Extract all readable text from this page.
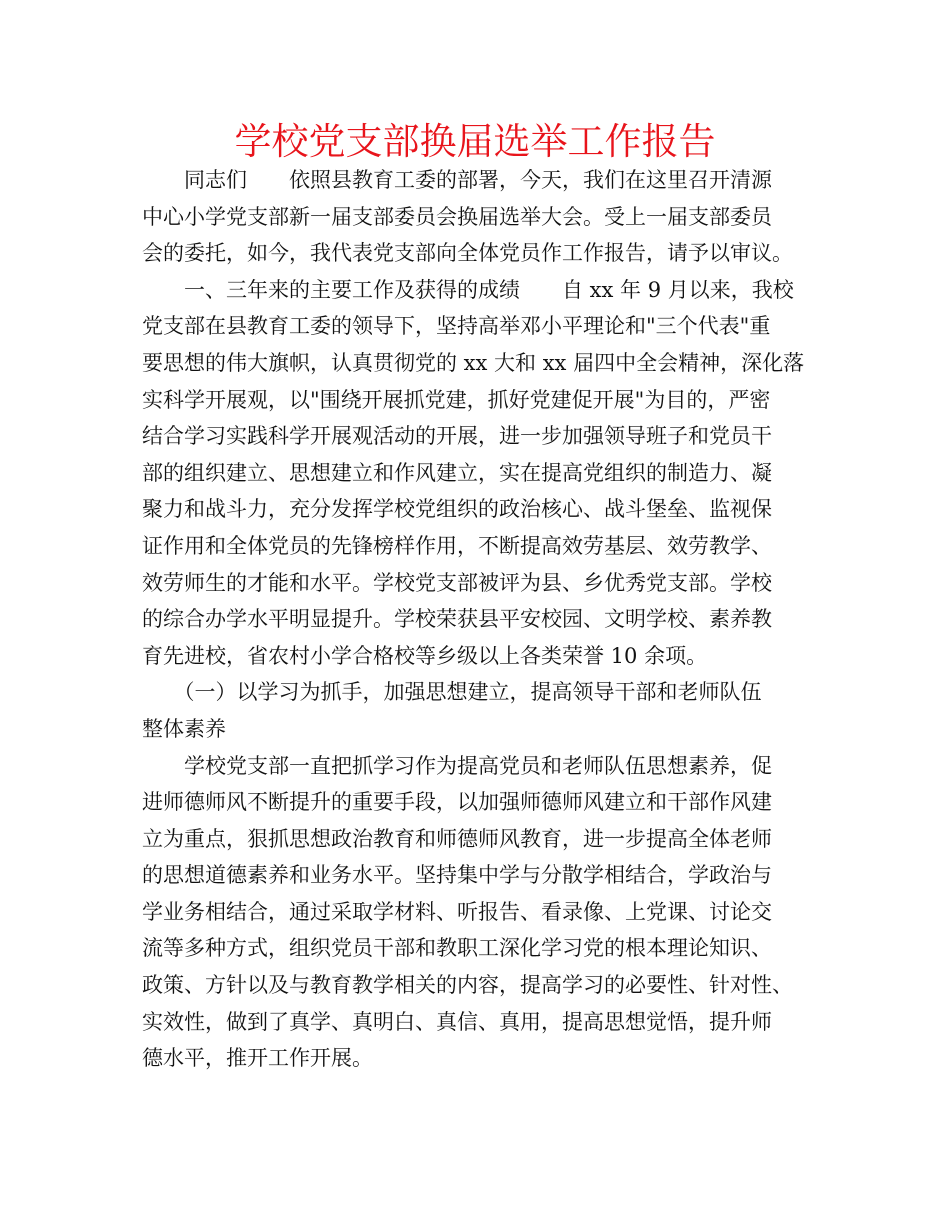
学校党支部换届选举工作报告
　　同志们　　依照县教育工委的部署，今天，我们在这里召开清源
中心小学党支部新一届支部委员会换届选举大会。受上一届支部委员
会的委托，如今，我代表党支部向全体党员作工作报告，请予以审议。
　　一、三年来的主要工作及获得的成绩　　自 xx 年 9 月以来，我校
党支部在县教育工委的领导下，坚持高举邓小平理论和"三个代表"重
要思想的伟大旗帜，认真贯彻党的 xx 大和 xx 届四中全会精神，深化落
实科学开展观，以"围绕开展抓党建，抓好党建促开展"为目的，严密
结合学习实践科学开展观活动的开展，进一步加强领导班子和党员干
部的组织建立、思想建立和作风建立，实在提高党组织的制造力、凝
聚力和战斗力，充分发挥学校党组织的政治核心、战斗堡垒、监视保
证作用和全体党员的先锋榜样作用，不断提高效劳基层、效劳教学、
效劳师生的才能和水平。学校党支部被评为县、乡优秀党支部。学校
的综合办学水平明显提升。学校荣获县平安校园、文明学校、素养教
育先进校，省农村小学合格校等乡级以上各类荣誉 10 余项。
　　（一）以学习为抓手，加强思想建立，提高领导干部和老师队伍
整体素养
　　学校党支部一直把抓学习作为提高党员和老师队伍思想素养，促
进师德师风不断提升的重要手段，以加强师德师风建立和干部作风建
立为重点，狠抓思想政治教育和师德师风教育，进一步提高全体老师
的思想道德素养和业务水平。坚持集中学与分散学相结合，学政治与
学业务相结合，通过采取学材料、听报告、看录像、上党课、讨论交
流等多种方式，组织党员干部和教职工深化学习党的根本理论知识、
政策、方针以及与教育教学相关的内容，提高学习的必要性、针对性、
实效性，做到了真学、真明白、真信、真用，提高思想觉悟，提升师
德水平，推开工作开展。
